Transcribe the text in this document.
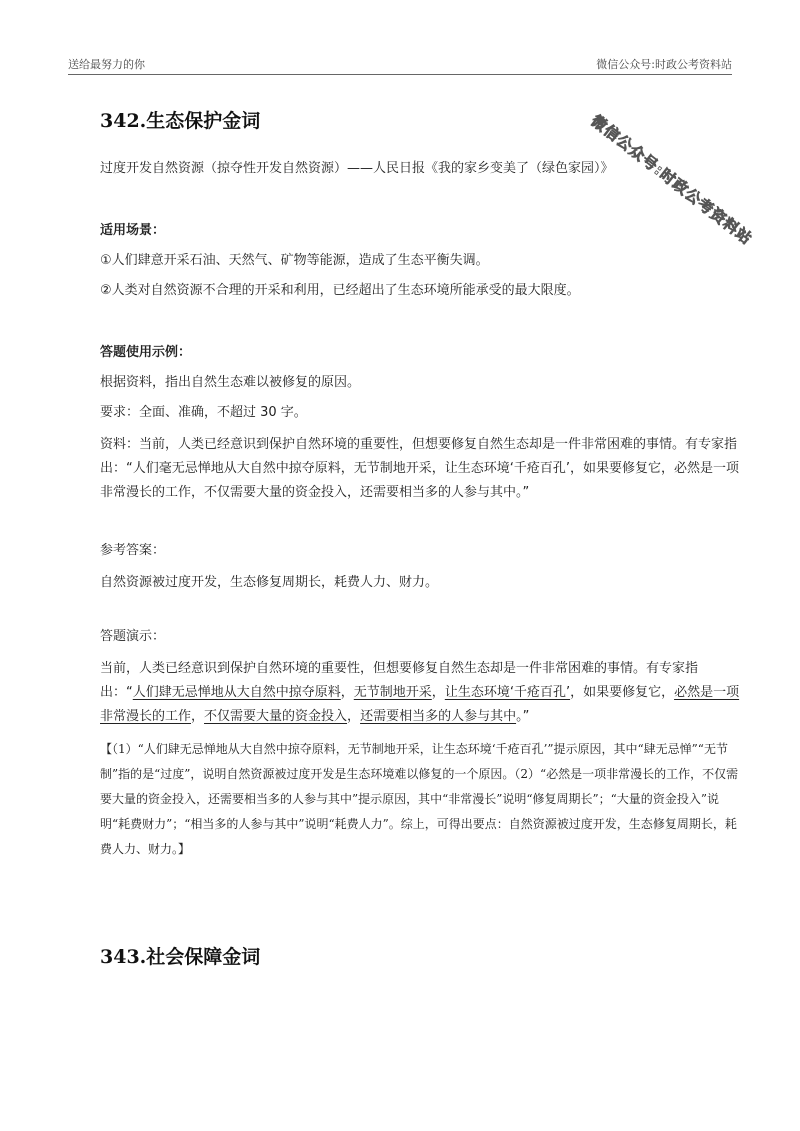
送给最努力的你	微信公众号:时政公考资料站
微信公众号:时政公考资料站
342.生态保护金词

过度开发自然资源（掠夺性开发自然资源）——人民日报《我的家乡变美了（绿色家园）》

适用场景：

①人们肆意开采石油、天然气、矿物等能源，造成了生态平衡失调。

②人类对自然资源不合理的开采和利用，已经超出了生态环境所能承受的最大限度。

答题使用示例：

根据资料，指出自然生态难以被修复的原因。

要求：全面、准确，不超过 30 字。

资料：当前，人类已经意识到保护自然环境的重要性，但想要修复自然生态却是一件非常困难的事情。有专家指出：“人们毫无忌惮地从大自然中掠夺原料，无节制地开采，让生态环境‘千疮百孔’，如果要修复它，必然是一项非常漫长的工作，不仅需要大量的资金投入，还需要相当多的人参与其中。”

参考答案：

自然资源被过度开发，生态修复周期长，耗费人力、财力。

答题演示：

当前，人类已经意识到保护自然环境的重要性，但想要修复自然生态却是一件非常困难的事情。有专家指出：“人们肆无忌惮地从大自然中掠夺原料，无节制地开采，让生态环境‘千疮百孔’，如果要修复它，必然是一项非常漫长的工作，不仅需要大量的资金投入，还需要相当多的人参与其中。”

【（1）“人们肆无忌惮地从大自然中掠夺原料，无节制地开采，让生态环境‘千疮百孔’”提示原因，其中“肆无忌惮”“无节制”指的是“过度”，说明自然资源被过度开发是生态环境难以修复的一个原因。（2）“必然是一项非常漫长的工作，不仅需要大量的资金投入，还需要相当多的人参与其中”提示原因，其中“非常漫长”说明“修复周期长”；“大量的资金投入”说明“耗费财力”；“相当多的人参与其中”说明“耗费人力”。综上，可得出要点：自然资源被过度开发，生态修复周期长，耗费人力、财力。】

343.社会保障金词
